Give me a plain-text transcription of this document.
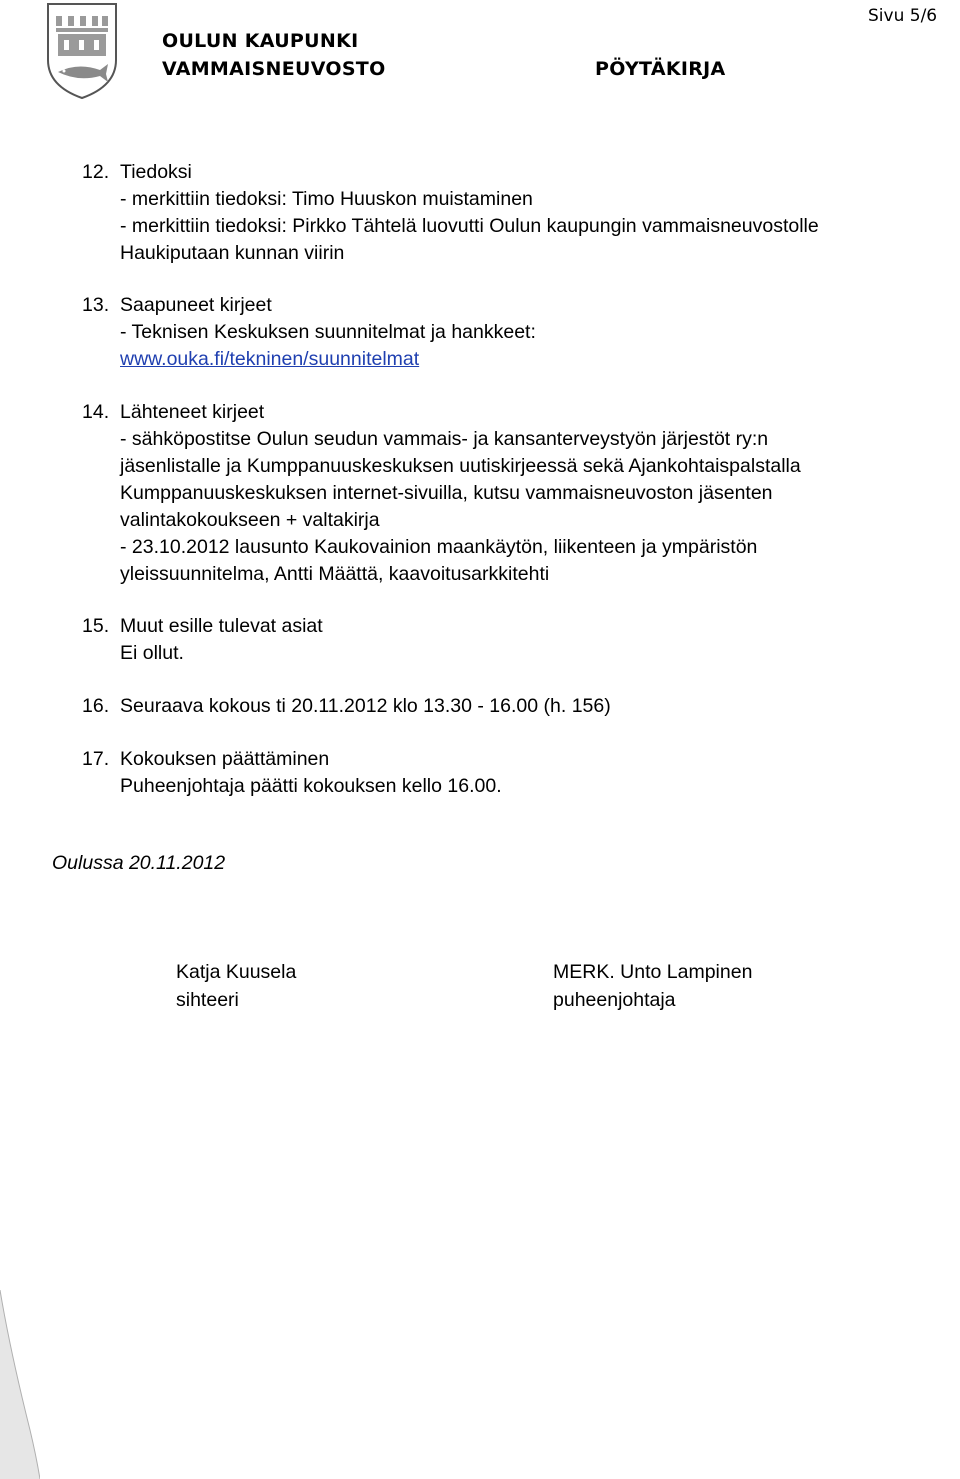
OULUN KAUPUNKI
VAMMAISNEUVOSTO	PÖYTÄKIRJA
Sivu 5/6
12. Tiedoksi
- merkittiin tiedoksi: Timo Huuskon muistaminen
- merkittiin tiedoksi: Pirkko Tähtelä luovutti Oulun kaupungin vammaisneuvostolle
Haukiputaan kunnan viirin
13. Saapuneet kirjeet
- Teknisen Keskuksen suunnitelmat ja hankkeet:
www.ouka.fi/tekninen/suunnitelmat
14. Lähteneet kirjeet
- sähköpostitse Oulun seudun vammais- ja kansanterveystyön järjestöt ry:n
jäsenlistalle ja Kumppanuuskeskuksen uutiskirjeessä sekä Ajankohtaispalstalla
Kumppanuuskeskuksen internet-sivuilla, kutsu vammaisneuvoston jäsenten
valintakokoukseen + valtakirja
- 23.10.2012 lausunto Kaukovainion maankäytön, liikenteen ja ympäristön
yleissuunnitelma, Antti Määttä, kaavoitusarkkitehti
15. Muut esille tulevat asiat
Ei ollut.
16. Seuraava kokous ti 20.11.2012 klo 13.30 - 16.00 (h. 156)
17. Kokouksen päättäminen
Puheenjohtaja päätti kokouksen kello 16.00.
Oulussa 20.11.2012
Katja Kuusela
sihteeri
MERK. Unto Lampinen
puheenjohtaja
